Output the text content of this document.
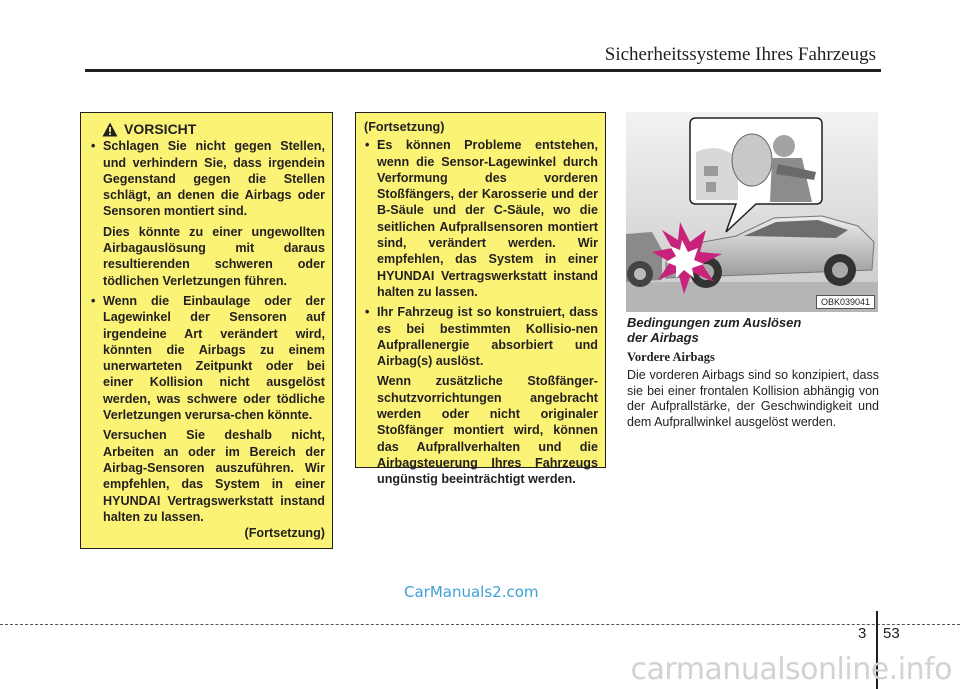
Sicherheitssysteme Ihres Fahrzeugs
VORSICHT

• Schlagen Sie nicht gegen Stellen, und verhindern Sie, dass irgendein Gegenstand gegen die Stellen schlägt, an denen die Airbags oder Sensoren montiert sind.

Dies könnte zu einer ungewollten Airbagauslösung mit daraus resultierenden schweren oder tödlichen Verletzungen führen.

• Wenn die Einbaulage oder der Lagewinkel der Sensoren auf irgendeine Art verändert wird, könnten die Airbags zu einem unerwarteten Zeitpunkt oder bei einer Kollision nicht ausgelöst werden, was schwere oder tödliche Verletzungen verursa-chen könnte.

Versuchen Sie deshalb nicht, Arbeiten an oder im Bereich der Airbag-Sensoren auszuführen. Wir empfehlen, das System in einer HYUNDAI Vertragswerkstatt instand halten zu lassen.

(Fortsetzung)
(Fortsetzung)

• Es können Probleme entstehen, wenn die Sensor-Lagewinkel durch Verformung des vorderen Stoßfängers, der Karosserie und der B-Säule und der C-Säule, wo die seitlichen Aufprallsensoren montiert sind, verändert werden. Wir empfehlen, das System in einer HYUNDAI Vertragswerkstatt instand halten zu lassen.

• Ihr Fahrzeug ist so konstruiert, dass es bei bestimmten Kollisio-nen Aufprallenergie absorbiert und Airbag(s) auslöst.

Wenn zusätzliche Stoßfänger-schutzvorrichtungen angebracht werden oder nicht originaler Stoßfänger montiert wird, können das Aufprallverhalten und die Airbagsteuerung Ihres Fahrzeugs ungünstig beeinträchtigt werden.

OBK039041
Bedingungen zum Auslösen
der Airbags
Vordere Airbags
Die vorderen Airbags sind so konzipiert, dass sie bei einer frontalen Kollision abhängig von der Aufprallstärke, der Geschwindigkeit und dem Aufprallwinkel ausgelöst werden.
CarManuals2.com
3 53
carmanualsonline.info
